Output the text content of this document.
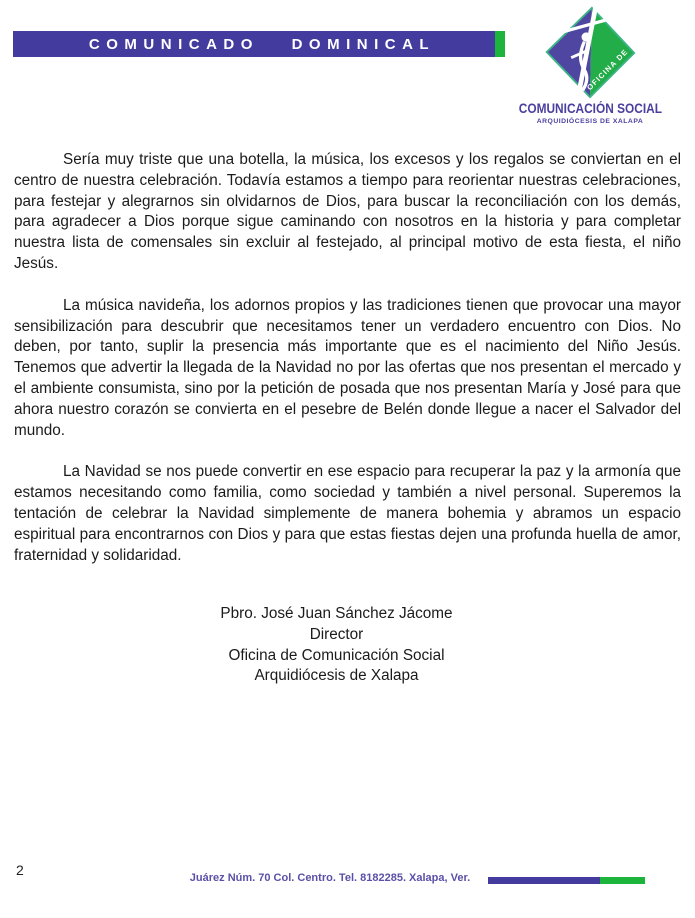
COMUNICADO DOMINICAL
OFICINA DE
COMUNICACIÓN SOCIAL
ARQUIDIÓCESIS DE XALAPA

Sería muy triste que una botella, la música, los excesos y los regalos se conviertan en el centro de nuestra celebración. Todavía estamos a tiempo para reorientar nuestras celebraciones, para festejar y alegrarnos sin olvidarnos de Dios, para buscar la reconciliación con los demás, para agradecer a Dios porque sigue caminando con nosotros en la historia y para completar nuestra lista de comensales sin excluir al festejado, al principal motivo de esta fiesta, el niño Jesús.

La música navideña, los adornos propios y las tradiciones tienen que provocar una mayor sensibilización para descubrir que necesitamos tener un verdadero encuentro con Dios. No deben, por tanto, suplir la presencia más importante que es el nacimiento del Niño Jesús. Tenemos que advertir la llegada de la Navidad no por las ofertas que nos presentan el mercado y el ambiente consumista, sino por la petición de posada que nos presentan María y José para que ahora nuestro corazón se convierta en el pesebre de Belén donde llegue a nacer el Salvador del mundo.

La Navidad se nos puede convertir en ese espacio para recuperar la paz y la armonía que estamos necesitando como familia, como sociedad y también a nivel personal. Superemos la tentación de celebrar la Navidad simplemente de manera bohemia y abramos un espacio espiritual para encontrarnos con Dios y para que estas fiestas dejen una profunda huella de amor, fraternidad y solidaridad.

Pbro. José Juan Sánchez Jácome
Director
Oficina de Comunicación Social
Arquidiócesis de Xalapa
2	Juárez Núm. 70 Col. Centro. Tel. 8182285. Xalapa, Ver.
